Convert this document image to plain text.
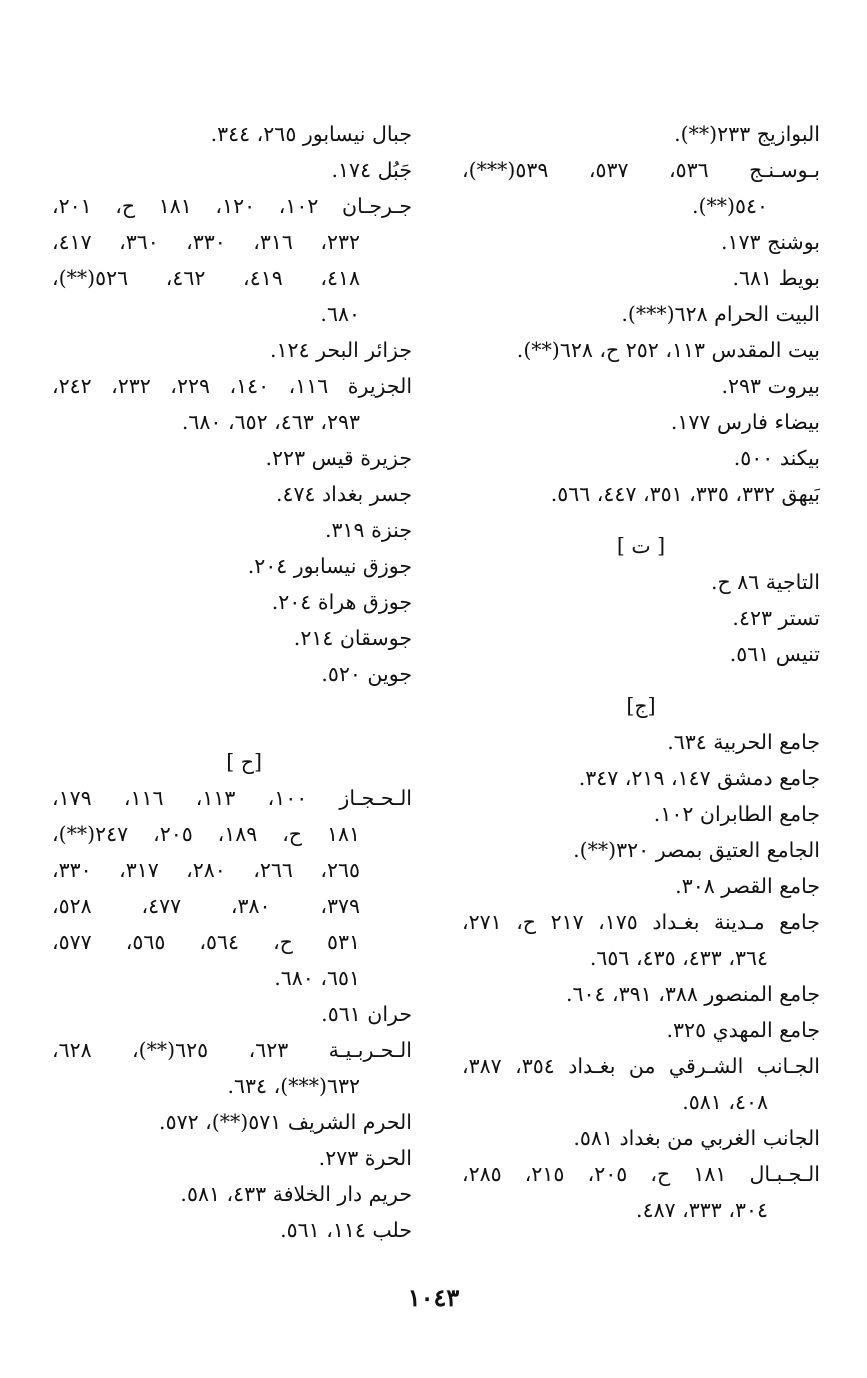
البوازيج ٢٣٣(**).
بـوسـنـج ٥٣٦، ٥٣٧، ٥٣٩(***)،
٥٤٠(**).
بوشنج ١٧٣.
بويط ٦٨١.
البيت الحرام ٦٢٨(***).
بيت المقدس ١١٣، ٢٥٢ ح، ٦٢٨(**).
بيروت ٢٩٣.
بيضاء فارس ١٧٧.
بيكند ٥٠٠.
بَيهق ٣٣٢، ٣٣٥، ٣٥١، ٤٤٧، ٥٦٦.
[ ت ]
التاجية ٨٦ ح.
تستر ٤٢٣.
تنيس ٥٦١.
[ج]
جامع الحربية ٦٣٤.
جامع دمشق ١٤٧، ٢١٩، ٣٤٧.
جامع الطابران ١٠٢.
الجامع العتيق بمصر ٣٢٠(**).
جامع القصر ٣٠٨.
جامع مـدينة بغـداد ١٧٥، ٢١٧ ح، ٢٧١،
٣٦٤، ٤٣٣، ٤٣٥، ٦٥٦.
جامع المنصور ٣٨٨، ٣٩١، ٦٠٤.
جامع المهدي ٣٢٥.
الجـانب الشـرقي من بغـداد ٣٥٤، ٣٨٧،
٤٠٨، ٥٨١.
الجانب الغربي من بغداد ٥٨١.
الـجـبـال ١٨١ ح، ٢٠٥، ٢١٥، ٢٨٥،
٣٠٤، ٣٣٣، ٤٨٧.
جبال نيسابور ٢٦٥، ٣٤٤.
جَبُل ١٧٤.
جـرجـان ١٠٢، ١٢٠، ١٨١ ح، ٢٠١،
٢٣٢، ٣١٦، ٣٣٠، ٣٦٠، ٤١٧،
٤١٨، ٤١٩، ٤٦٢، ٥٢٦(**)،
٦٨٠.
جزائر البحر ١٢٤.
الجزيرة ١١٦، ١٤٠، ٢٢٩، ٢٣٢، ٢٤٢،
٢٩٣، ٤٦٣، ٦٥٢، ٦٨٠.
جزيرة قيس ٢٢٣.
جسر بغداد ٤٧٤.
جنزة ٣١٩.
جوزق نيسابور ٢٠٤.
جوزق هراة ٢٠٤.
جوسقان ٢١٤.
جوين ٥٢٠.
[ح ]
الـحـجـاز ١٠٠، ١١٣، ١١٦، ١٧٩،
١٨١ ح، ١٨٩، ٢٠٥، ٢٤٧(**)،
٢٦٥، ٢٦٦، ٢٨٠، ٣١٧، ٣٣٠،
٣٧٩، ٣٨٠، ٤٧٧، ٥٢٨،
٥٣١ ح، ٥٦٤، ٥٦٥، ٥٧٧،
٦٥١، ٦٨٠.
حران ٥٦١.
الـحـربـيـة ٦٢٣، ٦٢٥(**)، ٦٢٨،
٦٣٢(***)، ٦٣٤.
الحرم الشريف ٥٧١(**)، ٥٧٢.
الحرة ٢٧٣.
حريم دار الخلافة ٤٣٣، ٥٨١.
حلب ١١٤، ٥٦١.
١٠٤٣
